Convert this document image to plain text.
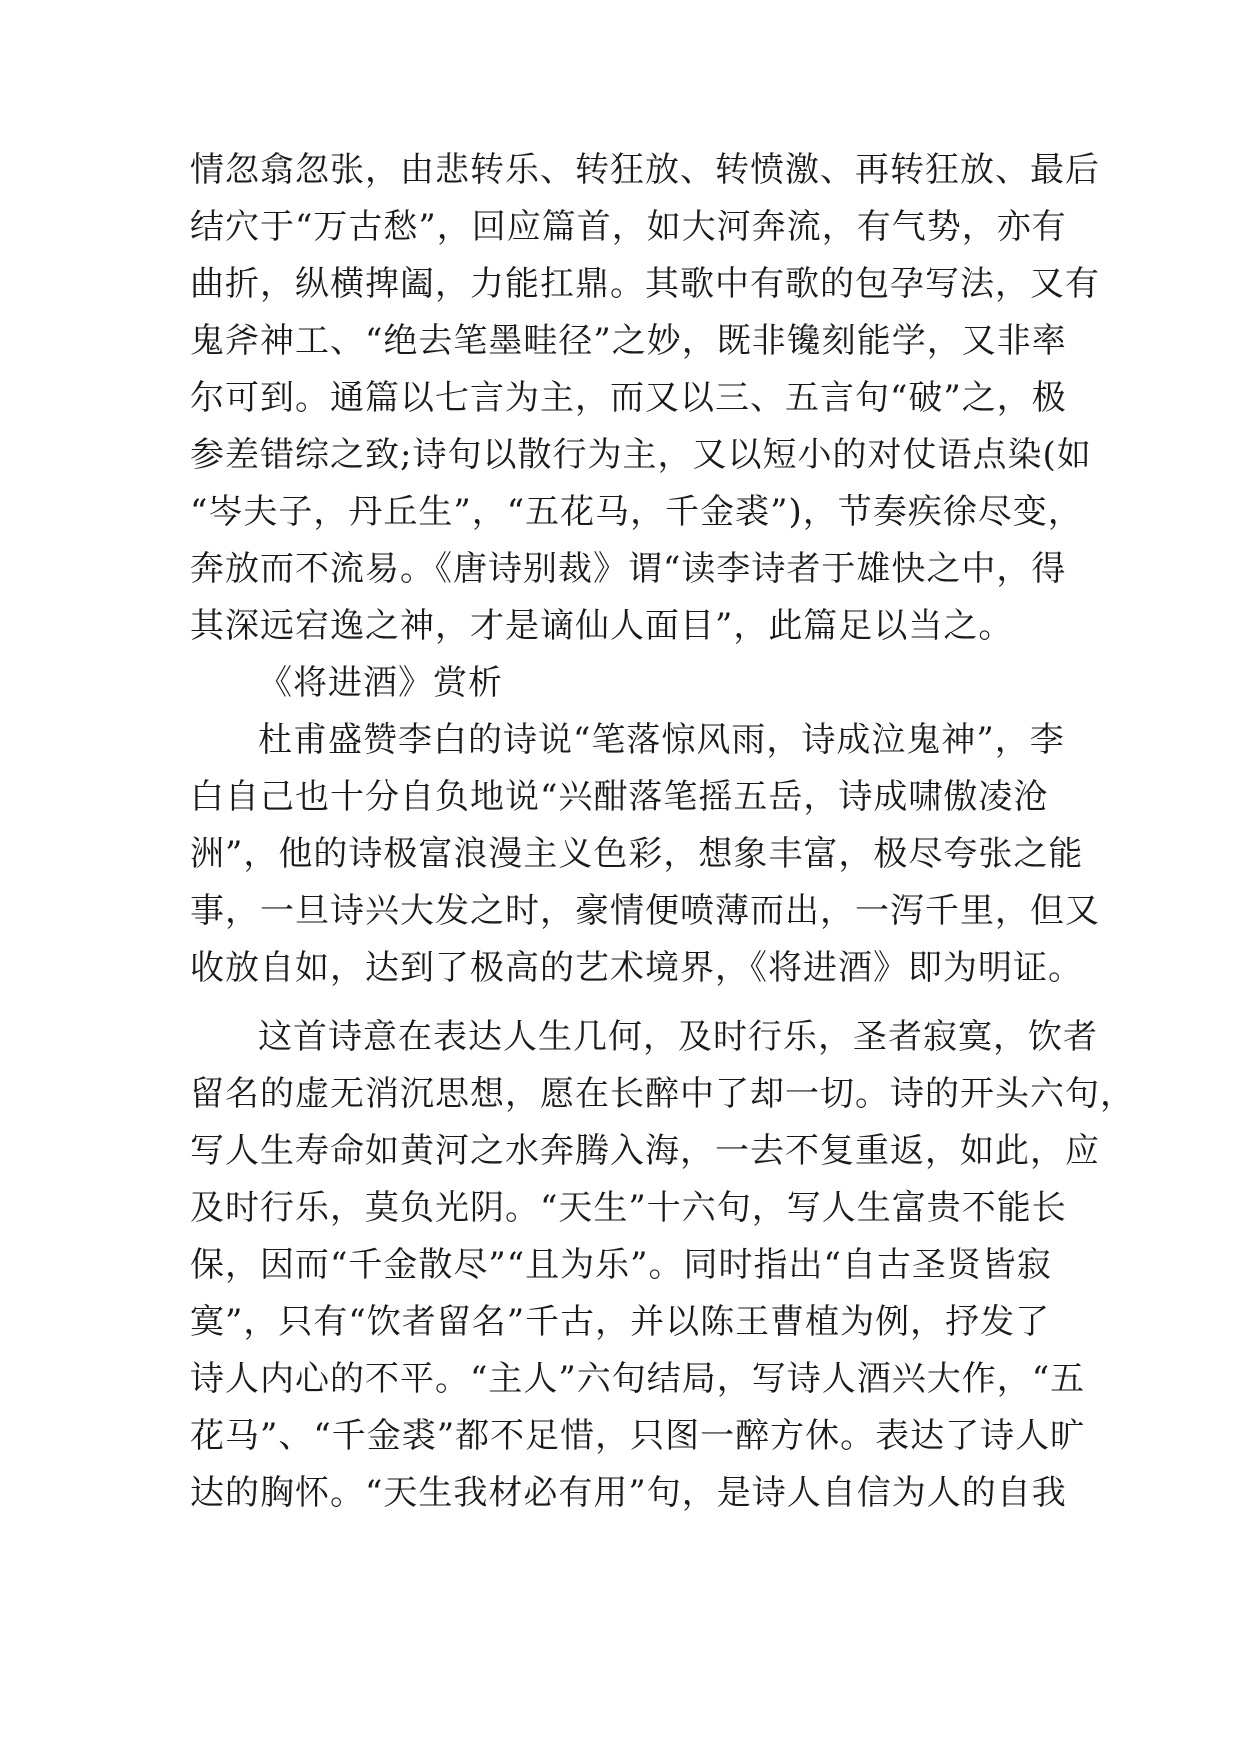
情忽翕忽张，由悲转乐、转狂放、转愤激、再转狂放、最后
结穴于“万古愁”，回应篇首，如大河奔流，有气势，亦有
曲折，纵横捭阖，力能扛鼎。其歌中有歌的包孕写法，又有
鬼斧神工、“绝去笔墨畦径”之妙，既非镵刻能学，又非率
尔可到。通篇以七言为主，而又以三、五言句“破”之，极
参差错综之致;诗句以散行为主，又以短小的对仗语点染(如
“岑夫子，丹丘生”，“五花马，千金裘”)，节奏疾徐尽变，
奔放而不流易。《唐诗别裁》谓“读李诗者于雄快之中，得
其深远宕逸之神，才是谪仙人面目”，此篇足以当之。
《将进酒》赏析
杜甫盛赞李白的诗说“笔落惊风雨，诗成泣鬼神”，李
白自己也十分自负地说“兴酣落笔摇五岳，诗成啸傲凌沧
洲”，他的诗极富浪漫主义色彩，想象丰富，极尽夸张之能
事，一旦诗兴大发之时，豪情便喷薄而出，一泻千里，但又
收放自如，达到了极高的艺术境界，《将进酒》即为明证。
这首诗意在表达人生几何，及时行乐，圣者寂寞，饮者
留名的虚无消沉思想，愿在长醉中了却一切。诗的开头六句，
写人生寿命如黄河之水奔腾入海，一去不复重返，如此，应
及时行乐，莫负光阴。“天生”十六句，写人生富贵不能长
保，因而“千金散尽”“且为乐”。同时指出“自古圣贤皆寂
寞”，只有“饮者留名”千古，并以陈王曹植为例，抒发了
诗人内心的不平。“主人”六句结局，写诗人酒兴大作，“五
花马”、“千金裘”都不足惜，只图一醉方休。表达了诗人旷
达的胸怀。“天生我材必有用”句，是诗人自信为人的自我
